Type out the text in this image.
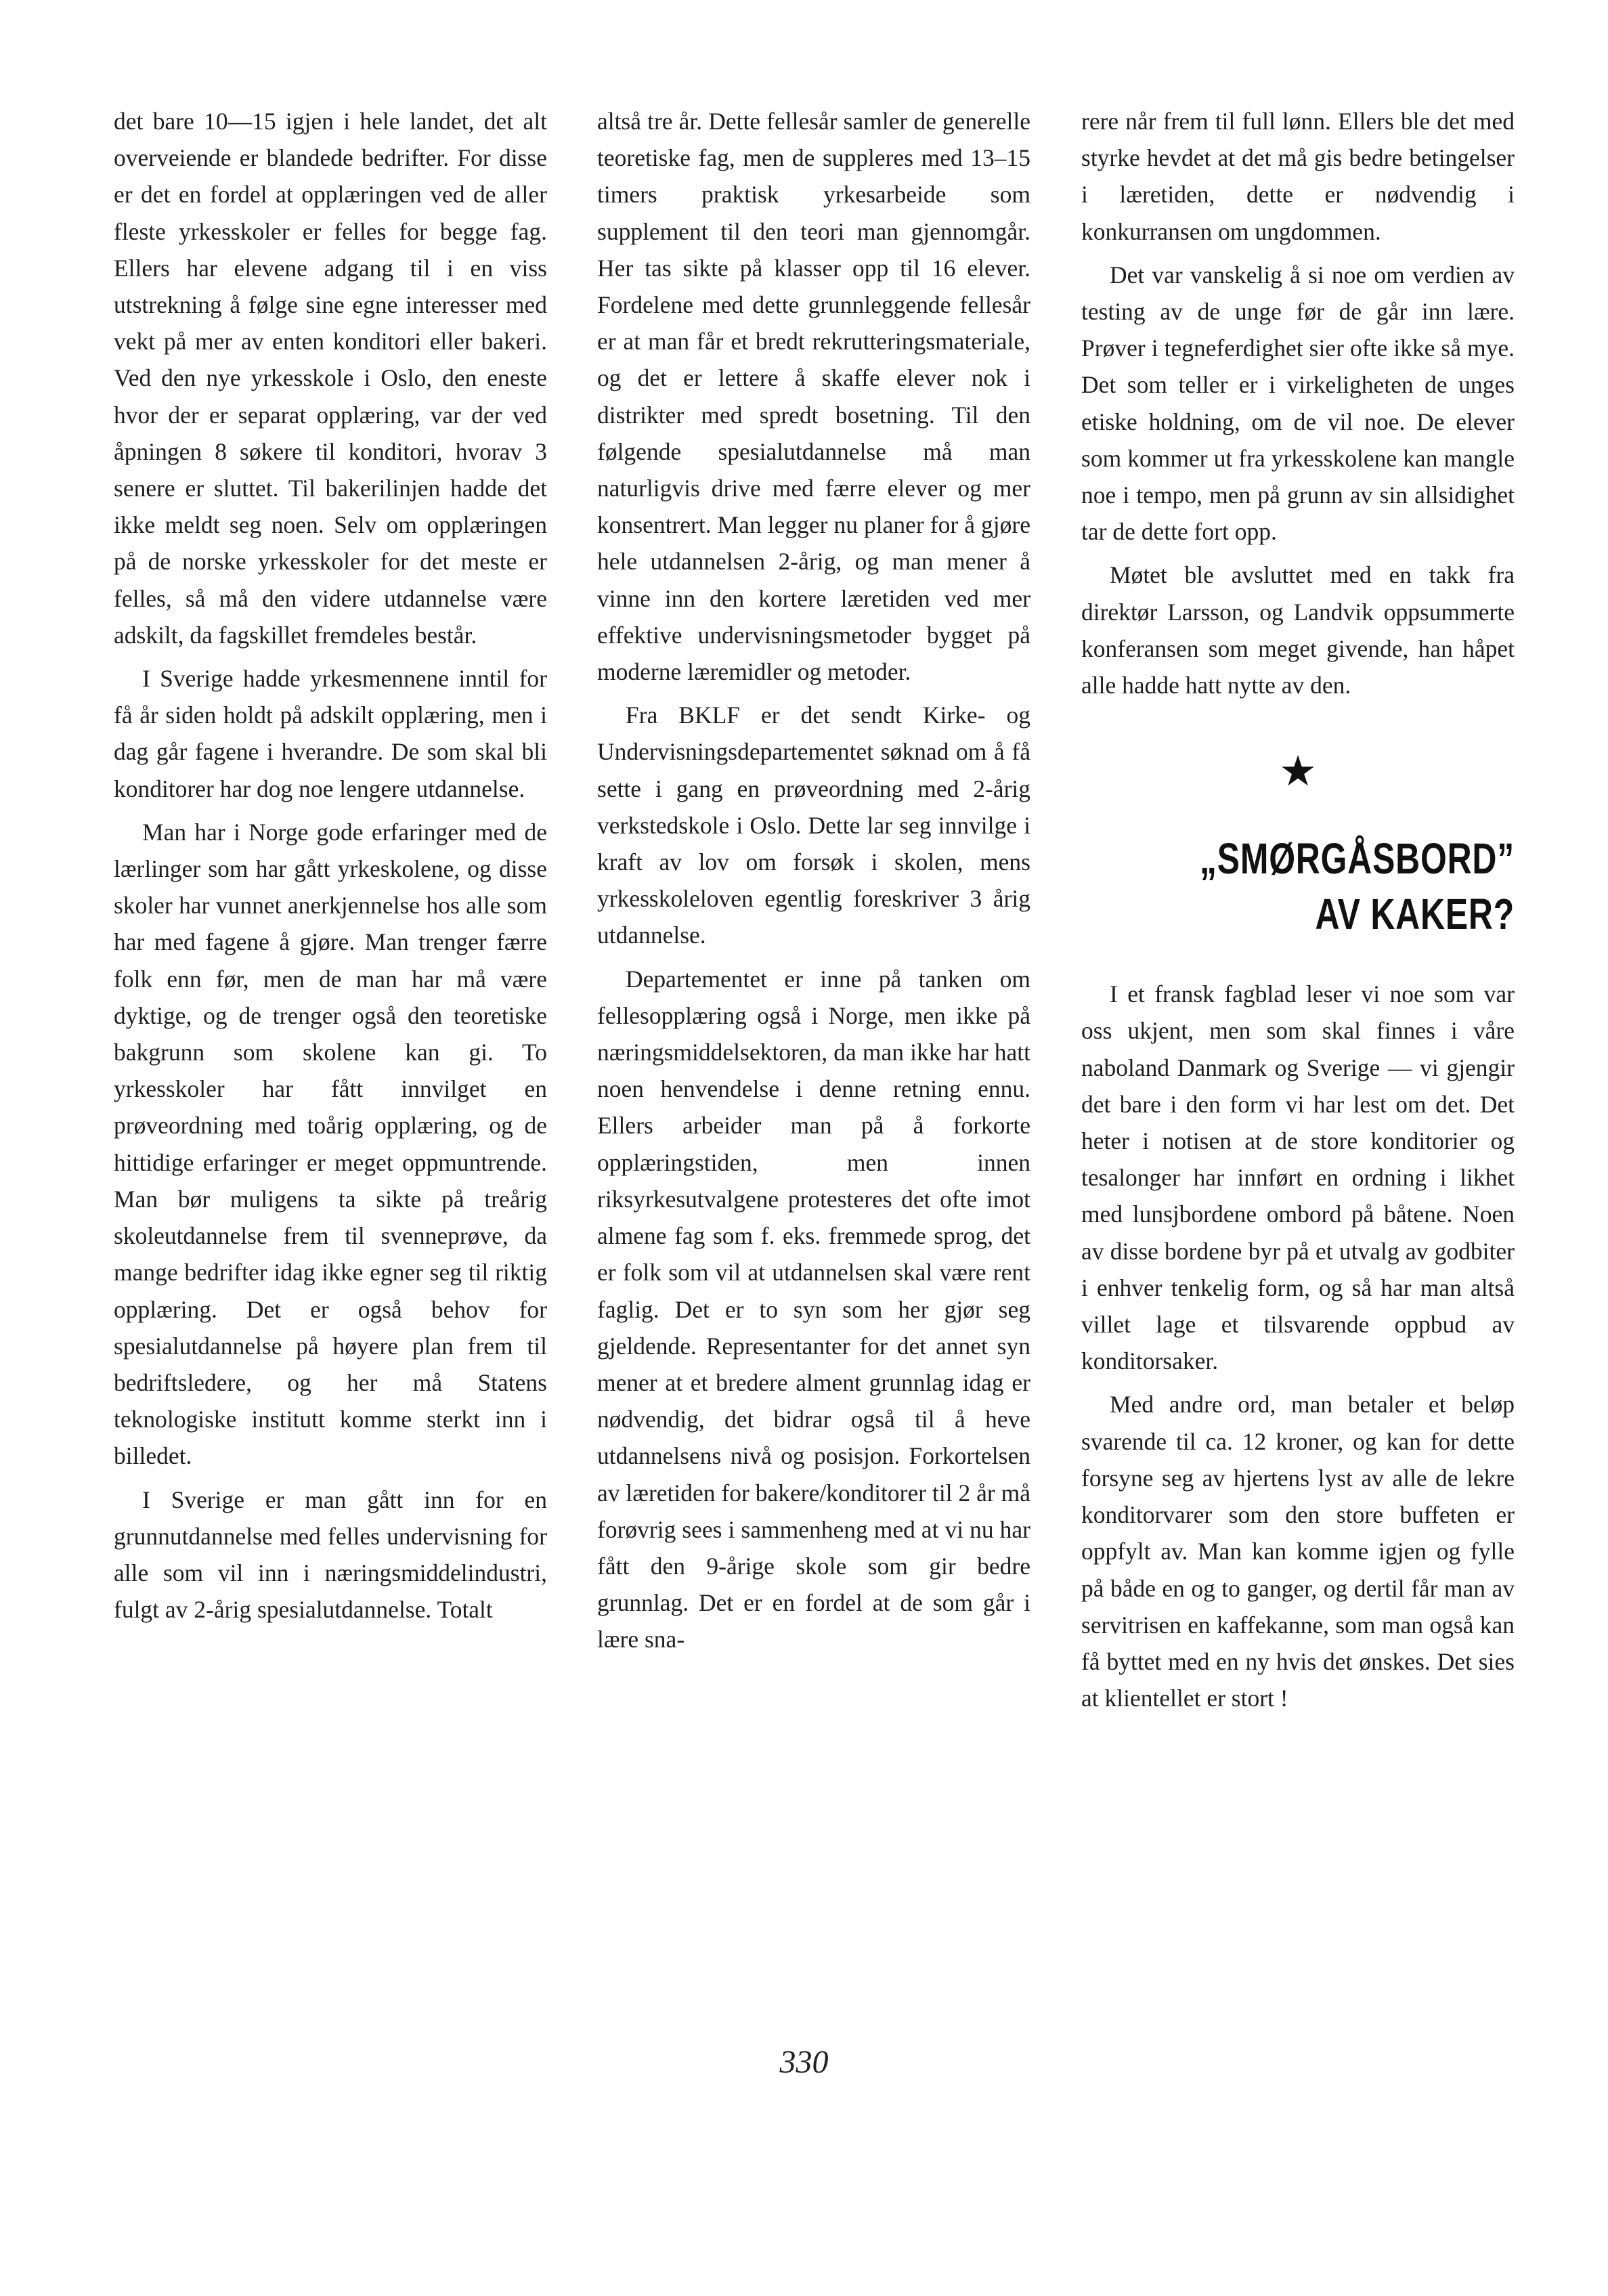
det bare 10—15 igjen i hele landet, det alt overveiende er blandede bedrifter. For disse er det en fordel at opplæringen ved de aller fleste yrkesskoler er felles for begge fag. Ellers har elevene adgang til i en viss utstrekning å følge sine egne interesser med vekt på mer av enten konditori eller bakeri. Ved den nye yrkesskole i Oslo, den eneste hvor der er separat opplæring, var der ved åpningen 8 søkere til konditori, hvorav 3 senere er sluttet. Til bakerilinjen hadde det ikke meldt seg noen. Selv om opplæringen på de norske yrkesskoler for det meste er felles, så må den videre utdannelse være adskilt, da fagskillet fremdeles består.

I Sverige hadde yrkesmennene inntil for få år siden holdt på adskilt opplæring, men i dag går fagene i hverandre. De som skal bli konditorer har dog noe lengere utdannelse.

Man har i Norge gode erfaringer med de lærlinger som har gått yrkeskolene, og disse skoler har vunnet anerkjennelse hos alle som har med fagene å gjøre. Man trenger færre folk enn før, men de man har må være dyktige, og de trenger også den teoretiske bakgrunn som skolene kan gi. To yrkesskoler har fått innvilget en prøveordning med toårig opplæring, og de hittidige erfaringer er meget oppmuntrende. Man bør muligens ta sikte på treårig skoleutdannelse frem til svenneprøve, da mange bedrifter idag ikke egner seg til riktig opplæring. Det er også behov for spesialutdannelse på høyere plan frem til bedriftsledere, og her må Statens teknologiske institutt komme sterkt inn i billedet.

I Sverige er man gått inn for en grunnutdannelse med felles undervisning for alle som vil inn i næringsmiddelindustri, fulgt av 2-årig spesialutdannelse. Totalt

altså tre år. Dette fellesår samler de generelle teoretiske fag, men de suppleres med 13–15 timers praktisk yrkesarbeide som supplement til den teori man gjennomgår. Her tas sikte på klasser opp til 16 elever. Fordelene med dette grunnleggende fellesår er at man får et bredt rekrutteringsmateriale, og det er lettere å skaffe elever nok i distrikter med spredt bosetning. Til den følgende spesialutdannelse må man naturligvis drive med færre elever og mer konsentrert. Man legger nu planer for å gjøre hele utdannelsen 2-årig, og man mener å vinne inn den kortere læretiden ved mer effektive undervisningsmetoder bygget på moderne læremidler og metoder.

Fra BKLF er det sendt Kirke- og Undervisningsdepartementet søknad om å få sette i gang en prøveordning med 2-årig verkstedskole i Oslo. Dette lar seg innvilge i kraft av lov om forsøk i skolen, mens yrkesskoleloven egentlig foreskriver 3 årig utdannelse.

Departementet er inne på tanken om fellesopplæring også i Norge, men ikke på næringsmiddelsektoren, da man ikke har hatt noen henvendelse i denne retning ennu. Ellers arbeider man på å forkorte opplæringstiden, men innen riksyrkesutvalgene protesteres det ofte imot almene fag som f. eks. fremmede sprog, det er folk som vil at utdannelsen skal være rent faglig. Det er to syn som her gjør seg gjeldende. Representanter for det annet syn mener at et bredere alment grunnlag idag er nødvendig, det bidrar også til å heve utdannelsens nivå og posisjon. Forkortelsen av læretiden for bakere/konditorer til 2 år må forøvrig sees i sammenheng med at vi nu har fått den 9-årige skole som gir bedre grunnlag. Det er en fordel at de som går i lære sna-

rere når frem til full lønn. Ellers ble det med styrke hevdet at det må gis bedre betingelser i læretiden, dette er nødvendig i konkurransen om ungdommen.

Det var vanskelig å si noe om verdien av testing av de unge før de går inn lære. Prøver i tegneferdighet sier ofte ikke så mye. Det som teller er i virkeligheten de unges etiske holdning, om de vil noe. De elever som kommer ut fra yrkesskolene kan mangle noe i tempo, men på grunn av sin allsidighet tar de dette fort opp.

Møtet ble avsluttet med en takk fra direktør Larsson, og Landvik oppsummerte konferansen som meget givende, han håpet alle hadde hatt nytte av den.

★
„SMØRGÅSBORD”
AV KAKER?

I et fransk fagblad leser vi noe som var oss ukjent, men som skal finnes i våre naboland Danmark og Sverige — vi gjengir det bare i den form vi har lest om det. Det heter i notisen at de store konditorier og tesalonger har innført en ordning i likhet med lunsjbordene ombord på båtene. Noen av disse bordene byr på et utvalg av godbiter i enhver tenkelig form, og så har man altså villet lage et tilsvarende oppbud av konditorsaker.

Med andre ord, man betaler et beløp svarende til ca. 12 kroner, og kan for dette forsyne seg av hjertens lyst av alle de lekre konditorvarer som den store buffeten er oppfylt av. Man kan komme igjen og fylle på både en og to ganger, og dertil får man av servitrisen en kaffekanne, som man også kan få byttet med en ny hvis det ønskes. Det sies at klientellet er stort !

330
